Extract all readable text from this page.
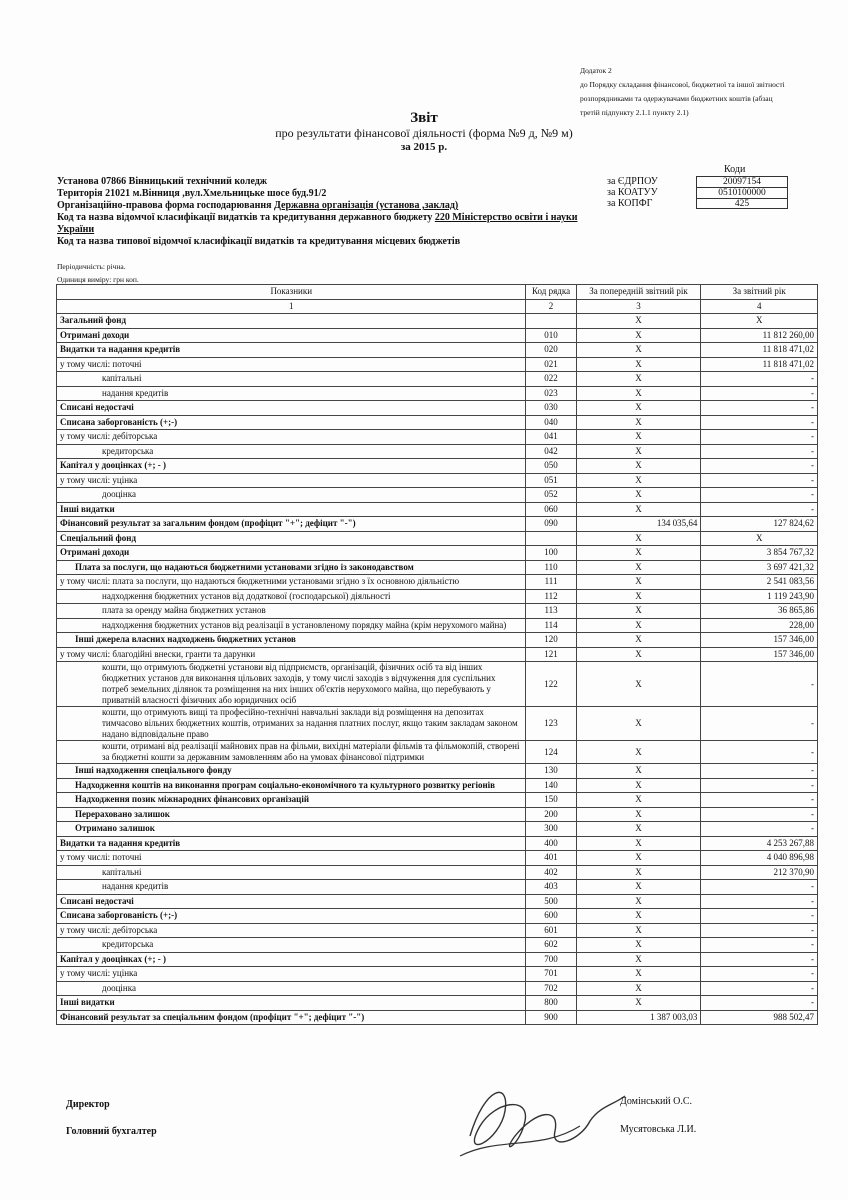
Додаток 2
до Порядку складання фінансової, бюджетної та іншої звітності
розпорядниками та одержувачами бюджетних коштів (абзац
третій підпункту 2.1.1 пункту 2.1)
Звіт
про результати фінансової діяльності (форма №9 д, №9 м)
за 2015 р.
Коди
за ЄДРПОУ	20097154
за КОАТУУ	0510100000
за КОПФГ	425
Установа 07866 Вінницький технічний коледж
Територія 21021 м.Вінниця ,вул.Хмельницьке шосе буд.91/2
Організаційно-правова форма господарювання Державна організація (установа ,заклад)
Код та назва відомчої класифікації видатків та кредитування державного бюджету 220 Міністерство освіти і науки України
Код та назва типової відомчої класифікації видатків та кредитування місцевих бюджетів
Періодичність: річна.
Одиниця виміру: грн коп.
Показники	Код рядка	За попередній звітний рік	За звітний рік
1	2	3	4
Загальний фонд		X	X
Отримані доходи	010	X	11 812 260,00
Видатки та надання кредитів	020	X	11 818 471,02
у тому числі: поточні	021	X	11 818 471,02
капітальні	022	X	-
надання кредитів	023	X	-
Списані недостачі	030	X	-
Списана заборгованість (+;-)	040	X	-
у тому числі: дебіторська	041	X	-
кредиторська	042	X	-
Капітал у дооцінках (+; - )	050	X	-
у тому числі: уцінка	051	X	-
дооцінка	052	X	-
Інші видатки	060	X	-
Фінансовий результат за загальним фондом (профіцит "+"; дефіцит "-")	090	134 035,64	127 824,62
Спеціальний фонд		X	X
Отримані доходи	100	X	3 854 767,32
Плата за послуги, що надаються бюджетними установами згідно із законодавством	110	X	3 697 421,32
у тому числі: плата за послуги, що надаються бюджетними установами згідно з їх основною діяльністю	111	X	2 541 083,56
надходження бюджетних установ від додаткової (господарської) діяльності	112	X	1 119 243,90
плата за оренду майна бюджетних установ	113	X	36 865,86
надходження бюджетних установ від реалізації в установленому порядку майна (крім нерухомого майна)	114	X	228,00
Інші джерела власних надходжень бюджетних установ	120	X	157 346,00
у тому числі: благодійні внески, гранти та дарунки	121	X	157 346,00
кошти, що отримують бюджетні установи від підприємств, організацій, фізичних осіб та від інших бюджетних установ для виконання цільових заходів, у тому числі заходів з відчуження для суспільних потреб земельних ділянок та розміщення на них інших об'єктів нерухомого майна, що перебувають у приватній власності фізичних або юридичних осіб	122	X	-
кошти, що отримують вищі та професійно-технічні навчальні заклади від розміщення на депозитах тимчасово вільних бюджетних коштів, отриманих за надання платних послуг, якщо таким закладам законом надано відповідальне право	123	X	-
кошти, отримані від реалізації майнових прав на фільми, вихідні матеріали фільмів та фільмокопій, створені за бюджетні кошти за державним замовленням або на умовах фінансової підтримки	124	X	-
Інші надходження спеціального фонду	130	X	-
Надходження коштів на виконання програм соціально-економічного та культурного розвитку регіонів	140	X	-
Надходження позик міжнародних фінансових організацій	150	X	-
Перераховано залишок	200	X	-
Отримано залишок	300	X	-
Видатки та надання кредитів	400	X	4 253 267,88
у тому числі: поточні	401	X	4 040 896,98
капітальні	402	X	212 370,90
надання кредитів	403	X	-
Списані недостачі	500	X	-
Списана заборгованість (+;-)	600	X	-
у тому числі: дебіторська	601	X	-
кредиторська	602	X	-
Капітал у дооцінках (+; - )	700	X	-
у тому числі: уцінка	701	X	-
дооцінка	702	X	-
Інші видатки	800	X	-
Фінансовий результат за спеціальним фондом (профіцит "+"; дефіцит "-")	900	1 387 003,03	988 502,47
Директор
Головний бухгалтер
Домінський О.С.
Мусятовська Л.И.
